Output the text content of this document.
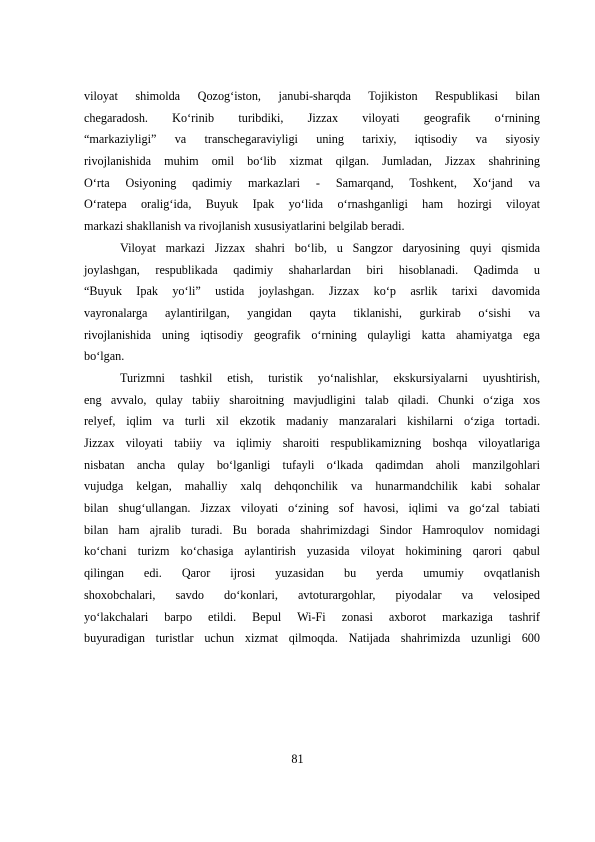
viloyat shimolda Qozog‘iston, janubi-sharqda Tojikiston Respublikasi bilan
chegaradosh. Ko‘rinib turibdiki, Jizzax viloyati geografik o‘rnining
“markaziyligi” va transchegaraviyligi uning tarixiy, iqtisodiy va siyosiy
rivojlanishida muhim omil bo‘lib xizmat qilgan. Jumladan, Jizzax shahrining
O‘rta Osiyoning qadimiy markazlari - Samarqand, Toshkent, Xo‘jand va
O‘ratepa oralig‘ida, Buyuk Ipak yo‘lida o‘rnashganligi ham hozirgi viloyat
markazi shakllanish va rivojlanish xususiyatlarini belgilab beradi.
Viloyat markazi Jizzax shahri bo‘lib, u Sangzor daryosining quyi qismida
joylashgan, respublikada qadimiy shaharlardan biri hisoblanadi. Qadimda u
“Buyuk Ipak yo‘li” ustida joylashgan. Jizzax ko‘p asrlik tarixi davomida
vayronalarga aylantirilgan, yangidan qayta tiklanishi, gurkirab o‘sishi va
rivojlanishida uning iqtisodiy geografik o‘rnining qulayligi katta ahamiyatga ega
bo‘lgan.
Turizmni tashkil etish, turistik yo‘nalishlar, ekskursiyalarni uyushtirish,
eng avvalo, qulay tabiiy sharoitning mavjudligini talab qiladi. Chunki o‘ziga xos
relyef, iqlim va turli xil ekzotik madaniy manzaralari kishilarni o‘ziga tortadi.
Jizzax viloyati tabiiy va iqlimiy sharoiti respublikamizning boshqa viloyatlariga
nisbatan ancha qulay bo‘lganligi tufayli o‘lkada qadimdan aholi manzilgohlari
vujudga kelgan, mahalliy xalq dehqonchilik va hunarmandchilik kabi sohalar
bilan shug‘ullangan. Jizzax viloyati o‘zining sof havosi, iqlimi va go‘zal tabiati
bilan ham ajralib turadi. Bu borada shahrimizdagi Sindor Hamroqulov nomidagi
ko‘chani turizm ko‘chasiga aylantirish yuzasida viloyat hokimining qarori qabul
qilingan edi. Qaror ijrosi yuzasidan bu yerda umumiy ovqatlanish
shoxobchalari, savdo do‘konlari, avtoturargohlar, piyodalar va velosiped
yo‘lakchalari barpo etildi. Bepul Wi-Fi zonasi axborot markaziga tashrif
buyuradigan turistlar uchun xizmat qilmoqda. Natijada shahrimizda uzunligi 600
81
